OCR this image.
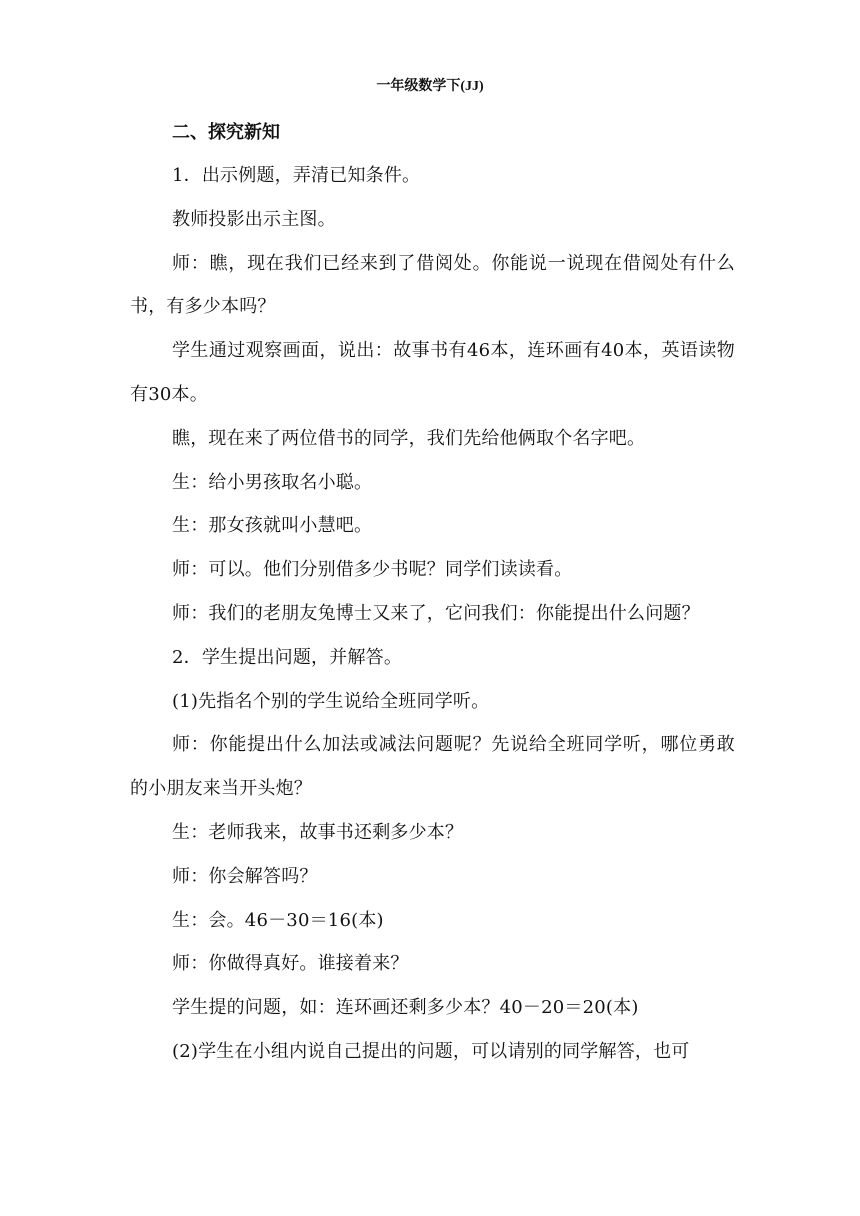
一年级数学下(JJ)
二、探究新知

1．出示例题，弄清已知条件。

教师投影出示主图。

师：瞧，现在我们已经来到了借阅处。你能说一说现在借阅处有什么书，有多少本吗？

学生通过观察画面，说出：故事书有46本，连环画有40本，英语读物有30本。

瞧，现在来了两位借书的同学，我们先给他俩取个名字吧。

生：给小男孩取名小聪。

生：那女孩就叫小慧吧。

师：可以。他们分别借多少书呢？同学们读读看。

师：我们的老朋友兔博士又来了，它问我们：你能提出什么问题？

2．学生提出问题，并解答。

(1)先指名个别的学生说给全班同学听。

师：你能提出什么加法或减法问题呢？先说给全班同学听，哪位勇敢的小朋友来当开头炮？

生：老师我来，故事书还剩多少本？

师：你会解答吗？

生：会。46－30＝16(本)

师：你做得真好。谁接着来？

学生提的问题，如：连环画还剩多少本？40－20＝20(本)

(2)学生在小组内说自己提出的问题，可以请别的同学解答，也可
